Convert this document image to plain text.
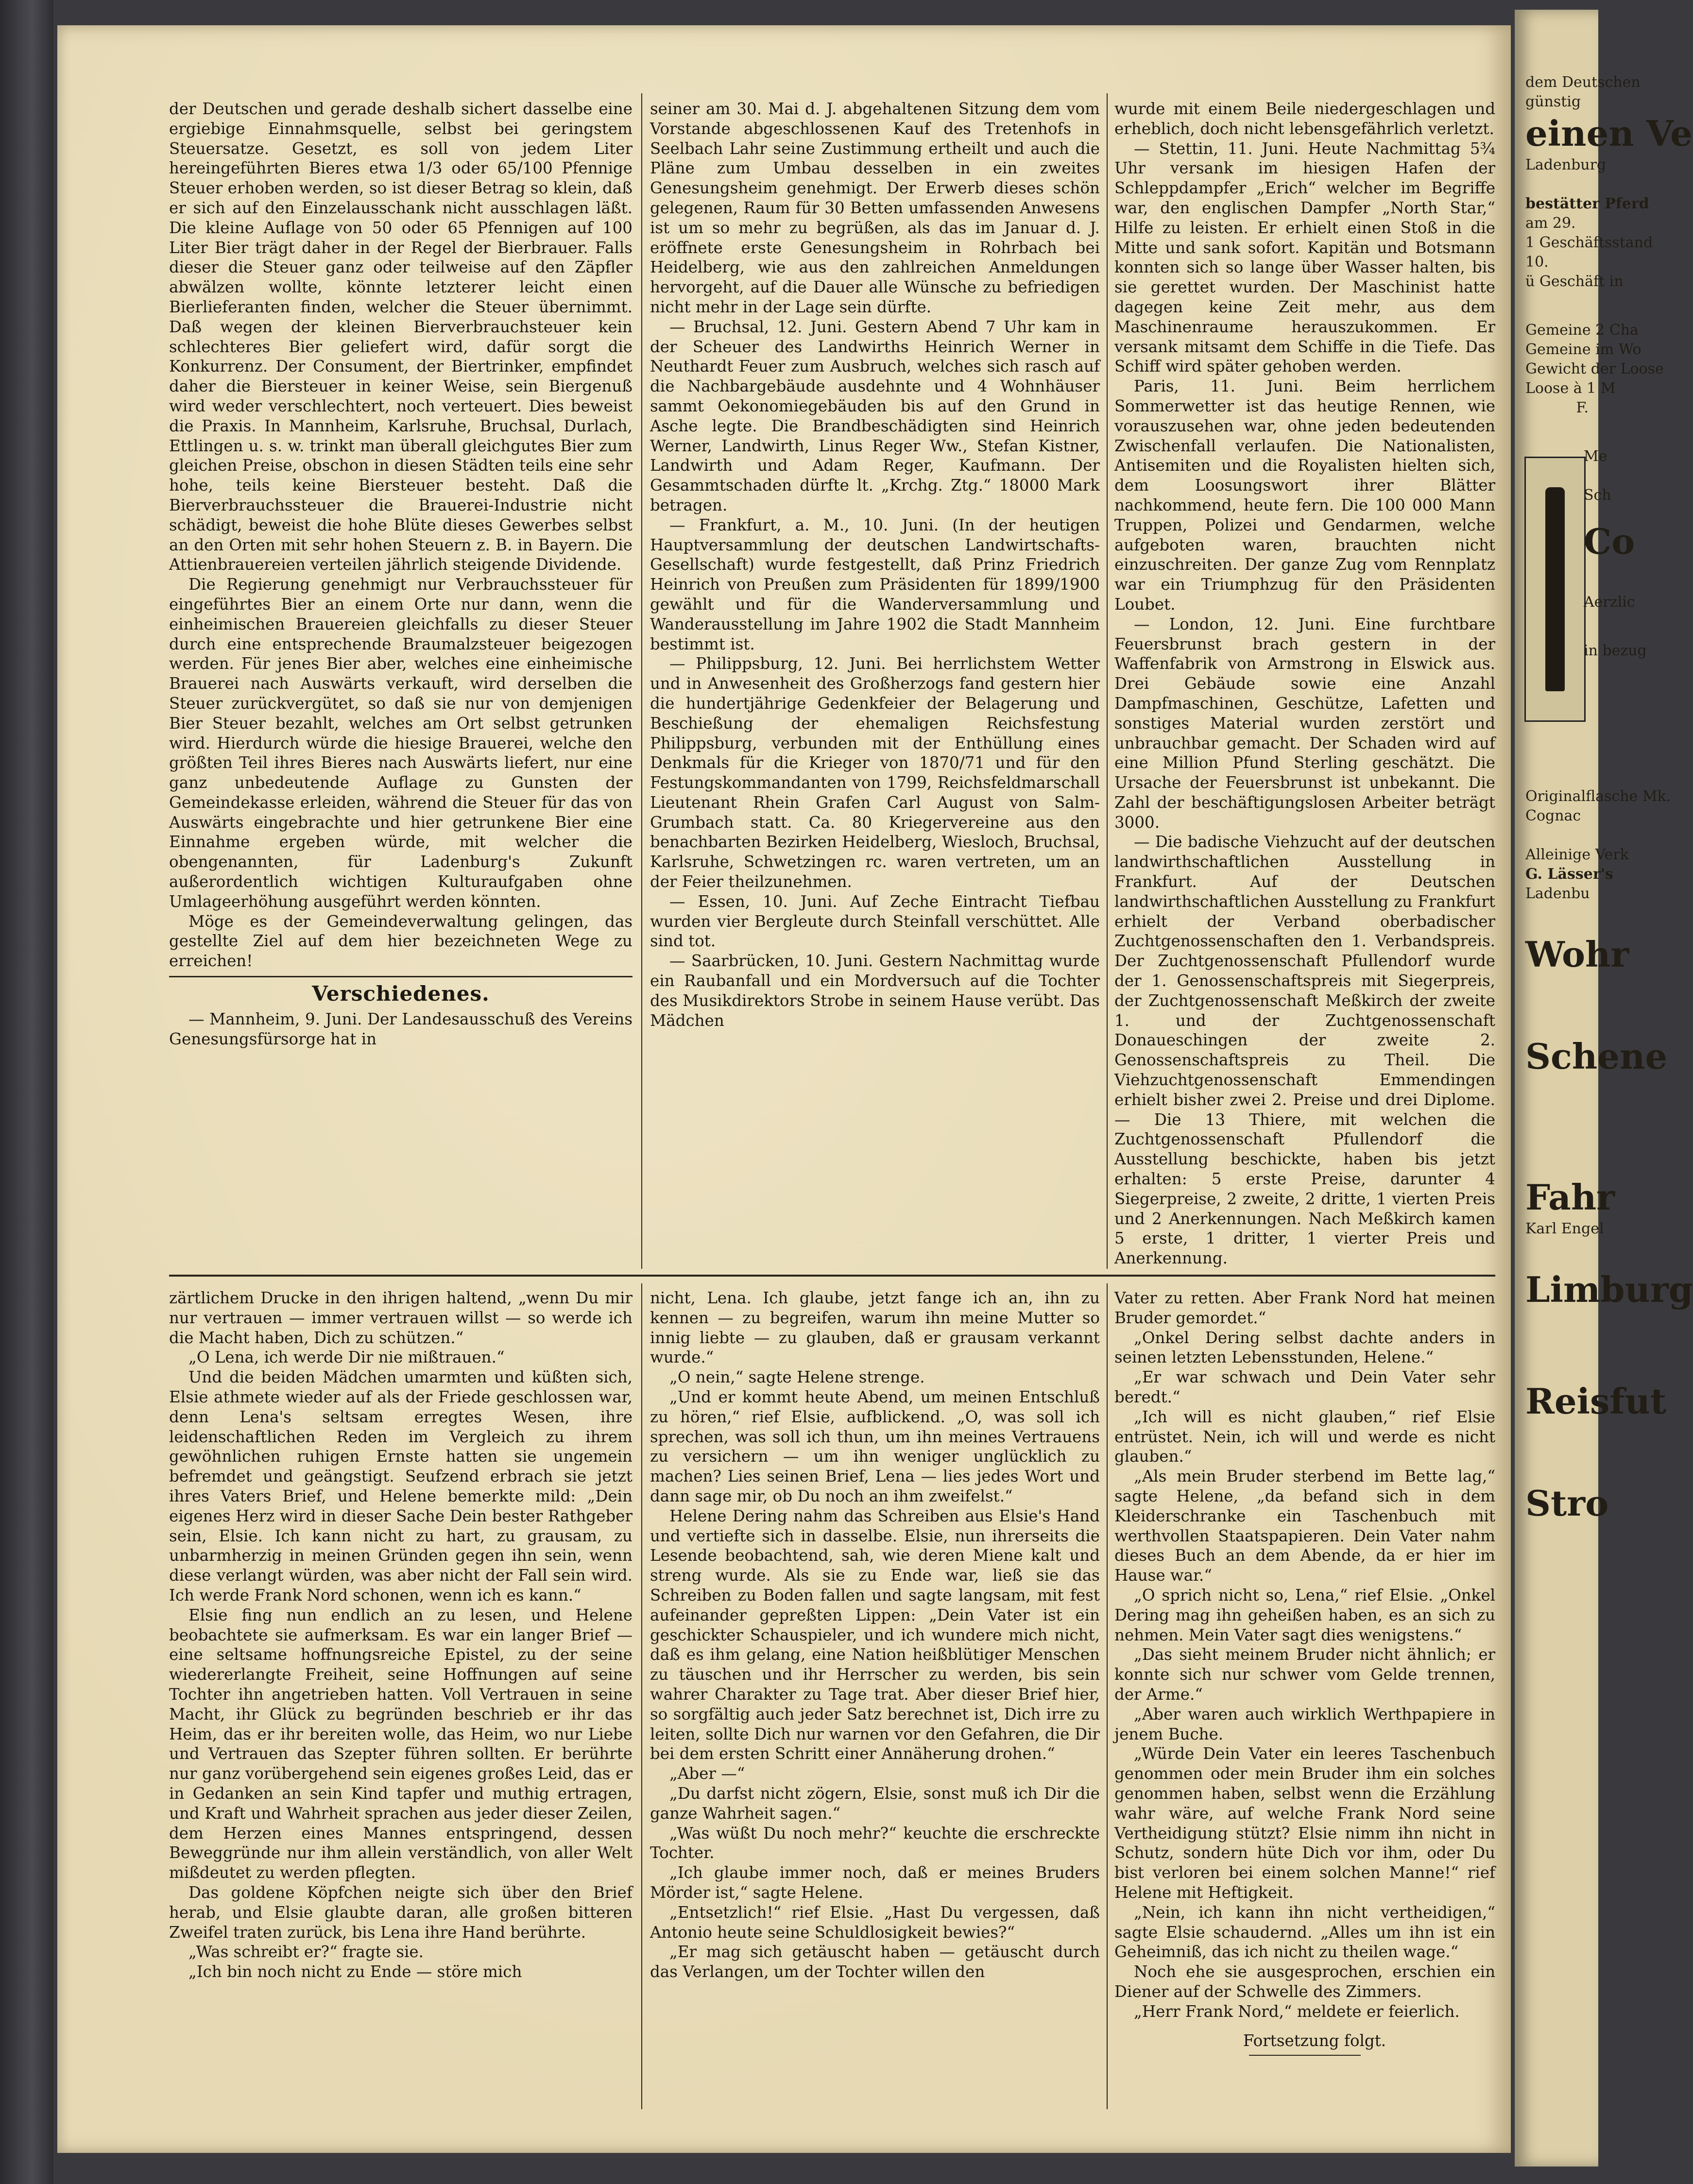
der Deutschen und gerade deshalb sichert dasselbe eine ergiebige Einnahmsquelle, selbst bei geringstem Steuersatze. Gesetzt, es soll von jedem Liter hereingeführten Bieres etwa 1/3 oder 65/100 Pfennige Steuer erhoben werden, so ist dieser Betrag so klein, daß er sich auf den Einzelausschank nicht ausschlagen läßt. Die kleine Auflage von 50 oder 65 Pfennigen auf 100 Liter Bier trägt daher in der Regel der Bierbrauer. Falls dieser die Steuer ganz oder teilweise auf den Zäpfler abwälzen wollte, könnte letzterer leicht einen Bierlieferanten finden, welcher die Steuer übernimmt. Daß wegen der kleinen Bierverbrauchsteuer kein schlechteres Bier geliefert wird, dafür sorgt die Konkurrenz. Der Consument, der Biertrinker, empfindet daher die Biersteuer in keiner Weise, sein Biergenuß wird weder verschlechtert, noch verteuert. Dies beweist die Praxis. In Mannheim, Karlsruhe, Bruchsal, Durlach, Ettlingen u. s. w. trinkt man überall gleichgutes Bier zum gleichen Preise, obschon in diesen Städten teils eine sehr hohe, teils keine Biersteuer besteht. Daß die Bierverbrauchssteuer die Brauerei-Industrie nicht schädigt, beweist die hohe Blüte dieses Gewerbes selbst an den Orten mit sehr hohen Steuern z. B. in Bayern. Die Attienbrauereien verteilen jährlich steigende Dividende.

Die Regierung genehmigt nur Verbrauchssteuer für eingeführtes Bier an einem Orte nur dann, wenn die einheimischen Brauereien gleichfalls zu dieser Steuer durch eine entsprechende Braumalzsteuer beigezogen werden. Für jenes Bier aber, welches eine einheimische Brauerei nach Auswärts verkauft, wird derselben die Steuer zurückvergütet, so daß sie nur von demjenigen Bier Steuer bezahlt, welches am Ort selbst getrunken wird. Hierdurch würde die hiesige Brauerei, welche den größten Teil ihres Bieres nach Auswärts liefert, nur eine ganz unbedeutende Auflage zu Gunsten der Gemeindekasse erleiden, während die Steuer für das von Auswärts eingebrachte und hier getrunkene Bier eine Einnahme ergeben würde, mit welcher die obengenannten, für Ladenburg's Zukunft außerordentlich wichtigen Kulturaufgaben ohne Umlageerhöhung ausgeführt werden könnten.

Möge es der Gemeindeverwaltung gelingen, das gestellte Ziel auf dem hier bezeichneten Wege zu erreichen!

Verschiedenes.

— Mannheim, 9. Juni. Der Landesausschuß des Vereins Genesungsfürsorge hat in

seiner am 30. Mai d. J. abgehaltenen Sitzung dem vom Vorstande abgeschlossenen Kauf des Tretenhofs in Seelbach Lahr seine Zustimmung ertheilt und auch die Pläne zum Umbau desselben in ein zweites Genesungsheim genehmigt. Der Erwerb dieses schön gelegenen, Raum für 30 Betten umfassenden Anwesens ist um so mehr zu begrüßen, als das im Januar d. J. eröffnete erste Genesungsheim in Rohrbach bei Heidelberg, wie aus den zahlreichen Anmeldungen hervorgeht, auf die Dauer alle Wünsche zu befriedigen nicht mehr in der Lage sein dürfte.

— Bruchsal, 12. Juni. Gestern Abend 7 Uhr kam in der Scheuer des Landwirths Heinrich Werner in Neuthardt Feuer zum Ausbruch, welches sich rasch auf die Nachbargebäude ausdehnte und 4 Wohnhäuser sammt Oekonomiegebäuden bis auf den Grund in Asche legte. Die Brandbeschädigten sind Heinrich Werner, Landwirth, Linus Reger Ww., Stefan Kistner, Landwirth und Adam Reger, Kaufmann. Der Gesammtschaden dürfte lt. „Krchg. Ztg.“ 18000 Mark betragen.

— Frankfurt, a. M., 10. Juni. (In der heutigen Hauptversammlung der deutschen Landwirtschafts-Gesellschaft) wurde festgestellt, daß Prinz Friedrich Heinrich von Preußen zum Präsidenten für 1899/1900 gewählt und für die Wanderversammlung und Wanderausstellung im Jahre 1902 die Stadt Mannheim bestimmt ist.

— Philippsburg, 12. Juni. Bei herrlichstem Wetter und in Anwesenheit des Großherzogs fand gestern hier die hundertjährige Gedenkfeier der Belagerung und Beschießung der ehemaligen Reichsfestung Philippsburg, verbunden mit der Enthüllung eines Denkmals für die Krieger von 1870/71 und für den Festungskommandanten von 1799, Reichsfeldmarschall Lieutenant Rhein Grafen Carl August von Salm-Grumbach statt. Ca. 80 Kriegervereine aus den benachbarten Bezirken Heidelberg, Wiesloch, Bruchsal, Karlsruhe, Schwetzingen rc. waren vertreten, um an der Feier theilzunehmen.

— Essen, 10. Juni. Auf Zeche Eintracht Tiefbau wurden vier Bergleute durch Steinfall verschüttet. Alle sind tot.

— Saarbrücken, 10. Juni. Gestern Nachmittag wurde ein Raubanfall und ein Mordversuch auf die Tochter des Musikdirektors Strobe in seinem Hause verübt. Das Mädchen

wurde mit einem Beile niedergeschlagen und erheblich, doch nicht lebensgefährlich verletzt.

— Stettin, 11. Juni. Heute Nachmittag 5¾ Uhr versank im hiesigen Hafen der Schleppdampfer „Erich“ welcher im Begriffe war, den englischen Dampfer „North Star,“ Hilfe zu leisten. Er erhielt einen Stoß in die Mitte und sank sofort. Kapitän und Botsmann konnten sich so lange über Wasser halten, bis sie gerettet wurden. Der Maschinist hatte dagegen keine Zeit mehr, aus dem Maschinenraume herauszukommen. Er versank mitsamt dem Schiffe in die Tiefe. Das Schiff wird später gehoben werden.

Paris, 11. Juni. Beim herrlichem Sommerwetter ist das heutige Rennen, wie vorauszusehen war, ohne jeden bedeutenden Zwischenfall verlaufen. Die Nationalisten, Antisemiten und die Royalisten hielten sich, dem Loosungswort ihrer Blätter nachkommend, heute fern. Die 100 000 Mann Truppen, Polizei und Gendarmen, welche aufgeboten waren, brauchten nicht einzuschreiten. Der ganze Zug vom Rennplatz war ein Triumphzug für den Präsidenten Loubet.

— London, 12. Juni. Eine furchtbare Feuersbrunst brach gestern in der Waffenfabrik von Armstrong in Elswick aus. Drei Gebäude sowie eine Anzahl Dampfmaschinen, Geschütze, Lafetten und sonstiges Material wurden zerstört und unbrauchbar gemacht. Der Schaden wird auf eine Million Pfund Sterling geschätzt. Die Ursache der Feuersbrunst ist unbekannt. Die Zahl der beschäftigungslosen Arbeiter beträgt 3000.

— Die badische Viehzucht auf der deutschen landwirthschaftlichen Ausstellung in Frankfurt. Auf der Deutschen landwirthschaftlichen Ausstellung zu Frankfurt erhielt der Verband oberbadischer Zuchtgenossenschaften den 1. Verbandspreis. Der Zuchtgenossenschaft Pfullendorf wurde der 1. Genossenschaftspreis mit Siegerpreis, der Zuchtgenossenschaft Meßkirch der zweite 1. und der Zuchtgenossenschaft Donaueschingen der zweite 2. Genossenschaftspreis zu Theil. Die Viehzuchtgenossenschaft Emmendingen erhielt bisher zwei 2. Preise und drei Diplome. — Die 13 Thiere, mit welchen die Zuchtgenossenschaft Pfullendorf die Ausstellung beschickte, haben bis jetzt erhalten: 5 erste Preise, darunter 4 Siegerpreise, 2 zweite, 2 dritte, 1 vierten Preis und 2 Anerkennungen. Nach Meßkirch kamen 5 erste, 1 dritter, 1 vierter Preis und Anerkennung.

zärtlichem Drucke in den ihrigen haltend, „wenn Du mir nur vertrauen — immer vertrauen willst — so werde ich die Macht haben, Dich zu schützen.“

„O Lena, ich werde Dir nie mißtrauen.“

Und die beiden Mädchen umarmten und küßten sich, Elsie athmete wieder auf als der Friede geschlossen war, denn Lena's seltsam erregtes Wesen, ihre leidenschaftlichen Reden im Vergleich zu ihrem gewöhnlichen ruhigen Ernste hatten sie ungemein befremdet und geängstigt. Seufzend erbrach sie jetzt ihres Vaters Brief, und Helene bemerkte mild: „Dein eigenes Herz wird in dieser Sache Dein bester Rathgeber sein, Elsie. Ich kann nicht zu hart, zu grausam, zu unbarmherzig in meinen Gründen gegen ihn sein, wenn diese verlangt würden, was aber nicht der Fall sein wird. Ich werde Frank Nord schonen, wenn ich es kann.“

Elsie fing nun endlich an zu lesen, und Helene beobachtete sie aufmerksam. Es war ein langer Brief — eine seltsame hoffnungsreiche Epistel, zu der seine wiedererlangte Freiheit, seine Hoffnungen auf seine Tochter ihn angetrieben hatten. Voll Vertrauen in seine Macht, ihr Glück zu begründen beschrieb er ihr das Heim, das er ihr bereiten wolle, das Heim, wo nur Liebe und Vertrauen das Szepter führen sollten. Er berührte nur ganz vorübergehend sein eigenes großes Leid, das er in Gedanken an sein Kind tapfer und muthig ertragen, und Kraft und Wahrheit sprachen aus jeder dieser Zeilen, dem Herzen eines Mannes entspringend, dessen Beweggründe nur ihm allein verständlich, von aller Welt mißdeutet zu werden pflegten.

Das goldene Köpfchen neigte sich über den Brief herab, und Elsie glaubte daran, alle großen bitteren Zweifel traten zurück, bis Lena ihre Hand berührte.

„Was schreibt er?“ fragte sie.

„Ich bin noch nicht zu Ende — störe mich

nicht, Lena. Ich glaube, jetzt fange ich an, ihn zu kennen — zu begreifen, warum ihn meine Mutter so innig liebte — zu glauben, daß er grausam verkannt wurde.“

„O nein,“ sagte Helene strenge.

„Und er kommt heute Abend, um meinen Entschluß zu hören,“ rief Elsie, aufblickend. „O, was soll ich sprechen, was soll ich thun, um ihn meines Vertrauens zu versichern — um ihn weniger unglücklich zu machen? Lies seinen Brief, Lena — lies jedes Wort und dann sage mir, ob Du noch an ihm zweifelst.“

Helene Dering nahm das Schreiben aus Elsie's Hand und vertiefte sich in dasselbe. Elsie, nun ihrerseits die Lesende beobachtend, sah, wie deren Miene kalt und streng wurde. Als sie zu Ende war, ließ sie das Schreiben zu Boden fallen und sagte langsam, mit fest aufeinander gepreßten Lippen: „Dein Vater ist ein geschickter Schauspieler, und ich wundere mich nicht, daß es ihm gelang, eine Nation heißblütiger Menschen zu täuschen und ihr Herrscher zu werden, bis sein wahrer Charakter zu Tage trat. Aber dieser Brief hier, so sorgfältig auch jeder Satz berechnet ist, Dich irre zu leiten, sollte Dich nur warnen vor den Gefahren, die Dir bei dem ersten Schritt einer Annäherung drohen.“

„Aber —“

„Du darfst nicht zögern, Elsie, sonst muß ich Dir die ganze Wahrheit sagen.“

„Was wüßt Du noch mehr?“ keuchte die erschreckte Tochter.

„Ich glaube immer noch, daß er meines Bruders Mörder ist,“ sagte Helene.

„Entsetzlich!“ rief Elsie. „Hast Du vergessen, daß Antonio heute seine Schuldlosigkeit bewies?“

„Er mag sich getäuscht haben — getäuscht durch das Verlangen, um der Tochter willen den

Vater zu retten. Aber Frank Nord hat meinen Bruder gemordet.“

„Onkel Dering selbst dachte anders in seinen letzten Lebensstunden, Helene.“

„Er war schwach und Dein Vater sehr beredt.“

„Ich will es nicht glauben,“ rief Elsie entrüstet. Nein, ich will und werde es nicht glauben.“

„Als mein Bruder sterbend im Bette lag,“ sagte Helene, „da befand sich in dem Kleiderschranke ein Taschenbuch mit werthvollen Staatspapieren. Dein Vater nahm dieses Buch an dem Abende, da er hier im Hause war.“

„O sprich nicht so, Lena,“ rief Elsie. „Onkel Dering mag ihn geheißen haben, es an sich zu nehmen. Mein Vater sagt dies wenigstens.“

„Das sieht meinem Bruder nicht ähnlich; er konnte sich nur schwer vom Gelde trennen, der Arme.“

„Aber waren auch wirklich Werthpapiere in jenem Buche.

„Würde Dein Vater ein leeres Taschenbuch genommen oder mein Bruder ihm ein solches genommen haben, selbst wenn die Erzählung wahr wäre, auf welche Frank Nord seine Vertheidigung stützt? Elsie nimm ihn nicht in Schutz, sondern hüte Dich vor ihm, oder Du bist verloren bei einem solchen Manne!“ rief Helene mit Heftigkeit.

„Nein, ich kann ihn nicht vertheidigen,“ sagte Elsie schaudernd. „Alles um ihn ist ein Geheimniß, das ich nicht zu theilen wage.“

Noch ehe sie ausgesprochen, erschien ein Diener auf der Schwelle des Zimmers.

„Herr Frank Nord,“ meldete er feierlich.

Fortsetzung folgt.

dem Deutschen
günstig
einen Ve
Ladenburg
bestätter Pferd
am 29.
1 Geschäftsstand
10.
ü Geschäft in
Gemeine 2 Cha
Gemeine im Wo
Gewicht der Loose
Loose à 1 M
F.
Me
Sch
Co
Aerzlic
in bezug
Originalflasche Mk.
Cognac
Alleinige Verk
G. Lässer's
Ladenbu
Wohr
Schene
Fahr
Karl Engel
Limburg
Reisfut
Stro
